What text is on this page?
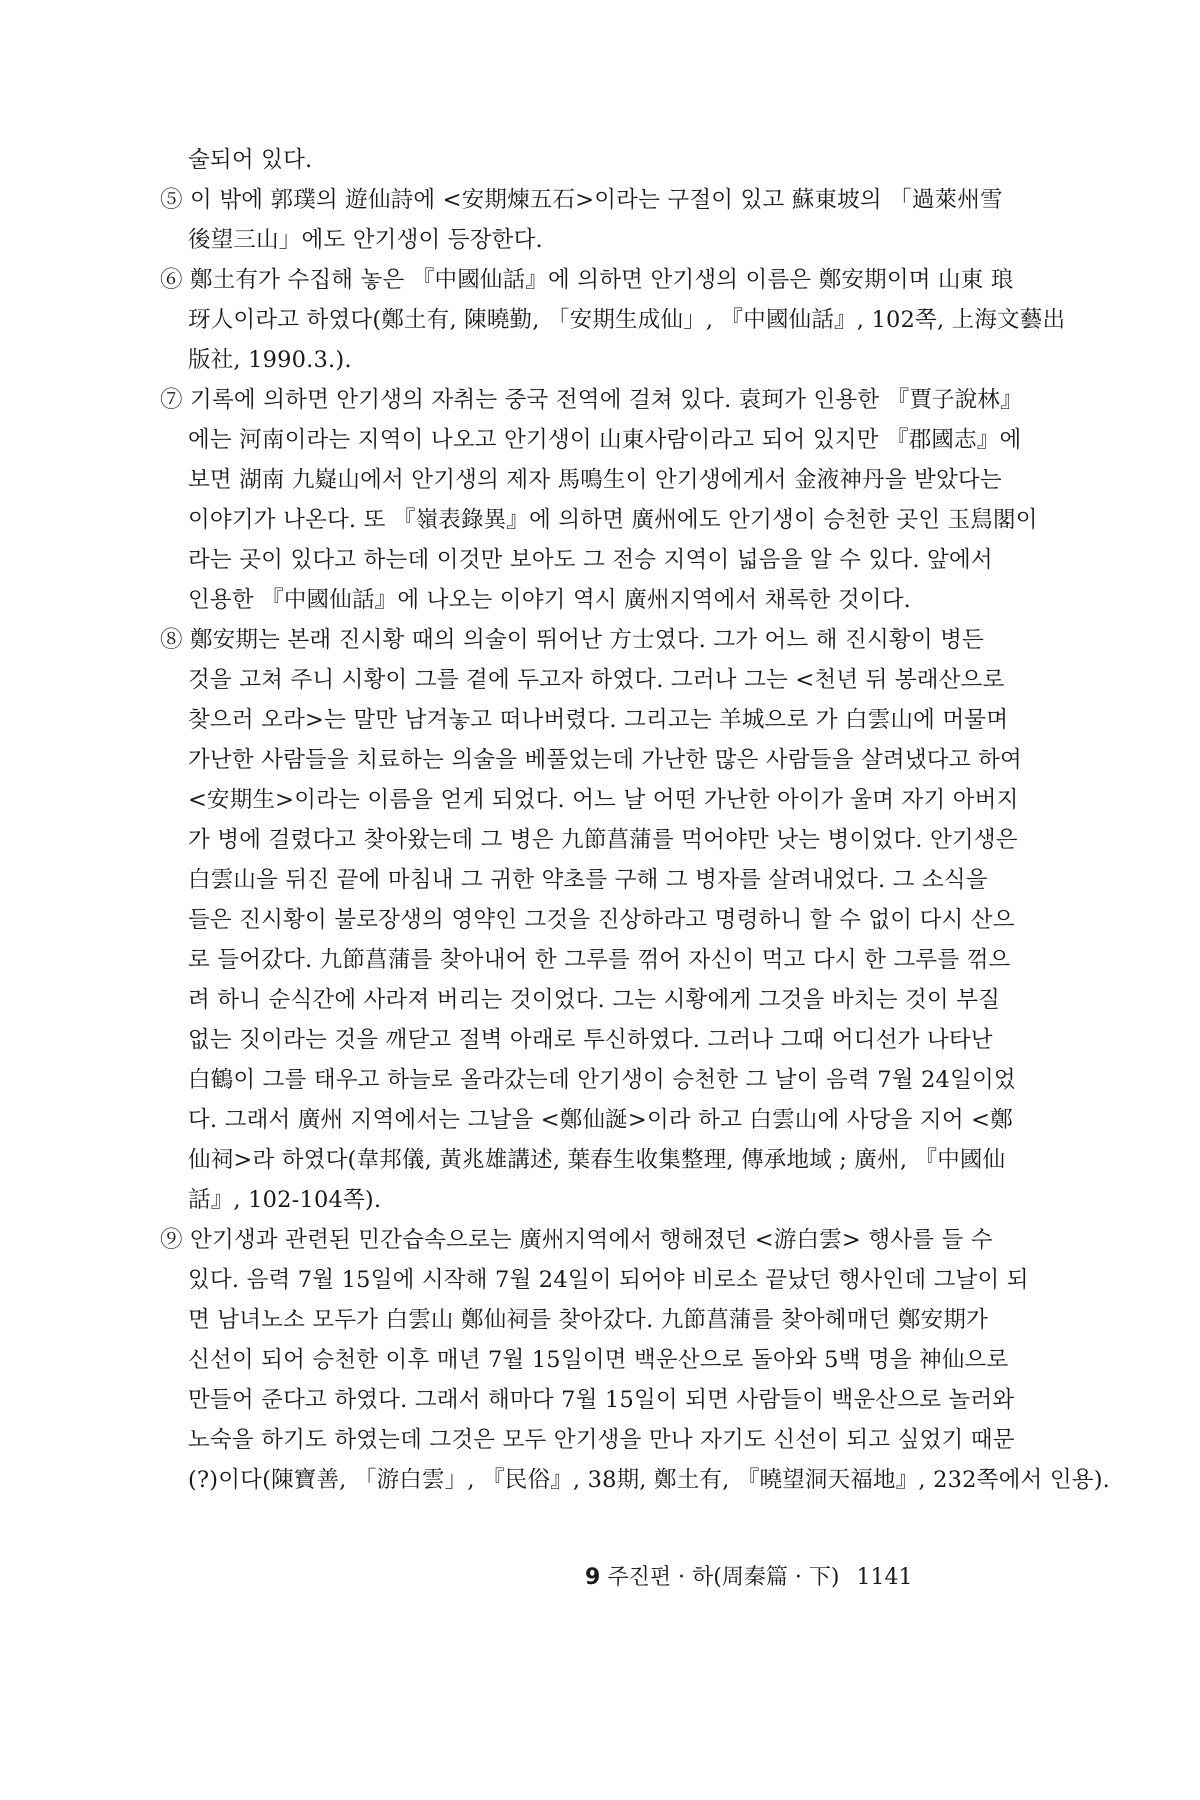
술되어 있다.
⑤ 이 밖에 郭璞의 遊仙詩에 <安期煉五石>이라는 구절이 있고 蘇東坡의 「過萊州雪
後望三山」에도 안기생이 등장한다.
⑥ 鄭土有가 수집해 놓은 『中國仙話』에 의하면 안기생의 이름은 鄭安期이며 山東 琅
玡人이라고 하였다(鄭土有, 陳曉勤, 「安期生成仙」, 『中國仙話』, 102쪽, 上海文藝出
版社, 1990.3.).
⑦ 기록에 의하면 안기생의 자취는 중국 전역에 걸쳐 있다. 袁珂가 인용한 『賈子說林』
에는 河南이라는 지역이 나오고 안기생이 山東사람이라고 되어 있지만 『郡國志』에
보면 湖南 九嶷山에서 안기생의 제자 馬鳴生이 안기생에게서 金液神丹을 받았다는
이야기가 나온다. 또 『嶺表錄異』에 의하면 廣州에도 안기생이 승천한 곳인 玉舃閣이
라는 곳이 있다고 하는데 이것만 보아도 그 전승 지역이 넓음을 알 수 있다. 앞에서
인용한 『中國仙話』에 나오는 이야기 역시 廣州지역에서 채록한 것이다.
⑧ 鄭安期는 본래 진시황 때의 의술이 뛰어난 方士였다. 그가 어느 해 진시황이 병든
것을 고쳐 주니 시황이 그를 곁에 두고자 하였다. 그러나 그는 <천년 뒤 봉래산으로
찾으러 오라>는 말만 남겨놓고 떠나버렸다. 그리고는 羊城으로 가 白雲山에 머물며
가난한 사람들을 치료하는 의술을 베풀었는데 가난한 많은 사람들을 살려냈다고 하여
<安期生>이라는 이름을 얻게 되었다. 어느 날 어떤 가난한 아이가 울며 자기 아버지
가 병에 걸렸다고 찾아왔는데 그 병은 九節菖蒲를 먹어야만 낫는 병이었다. 안기생은
白雲山을 뒤진 끝에 마침내 그 귀한 약초를 구해 그 병자를 살려내었다. 그 소식을
들은 진시황이 불로장생의 영약인 그것을 진상하라고 명령하니 할 수 없이 다시 산으
로 들어갔다. 九節菖蒲를 찾아내어 한 그루를 꺾어 자신이 먹고 다시 한 그루를 꺾으
려 하니 순식간에 사라져 버리는 것이었다. 그는 시황에게 그것을 바치는 것이 부질
없는 짓이라는 것을 깨닫고 절벽 아래로 투신하였다. 그러나 그때 어디선가 나타난
白鶴이 그를 태우고 하늘로 올라갔는데 안기생이 승천한 그 날이 음력 7월 24일이었
다. 그래서 廣州 지역에서는 그날을 <鄭仙誕>이라 하고 白雲山에 사당을 지어 <鄭
仙祠>라 하였다(韋邦儀, 黃兆雄講述, 葉春生收集整理, 傳承地域 ; 廣州, 『中國仙
話』, 102-104쪽).
⑨ 안기생과 관련된 민간습속으로는 廣州지역에서 행해졌던 <游白雲> 행사를 들 수
있다. 음력 7월 15일에 시작해 7월 24일이 되어야 비로소 끝났던 행사인데 그날이 되
면 남녀노소 모두가 白雲山 鄭仙祠를 찾아갔다. 九節菖蒲를 찾아헤매던 鄭安期가
신선이 되어 승천한 이후 매년 7월 15일이면 백운산으로 돌아와 5백 명을 神仙으로
만들어 준다고 하였다. 그래서 해마다 7월 15일이 되면 사람들이 백운산으로 놀러와
노숙을 하기도 하였는데 그것은 모두 안기생을 만나 자기도 신선이 되고 싶었기 때문
(?)이다(陳寶善, 「游白雲」, 『民俗』, 38期, 鄭土有, 『曉望洞天福地』, 232쪽에서 인용).
9 주진편 · 하(周秦篇 · 下) 1141
